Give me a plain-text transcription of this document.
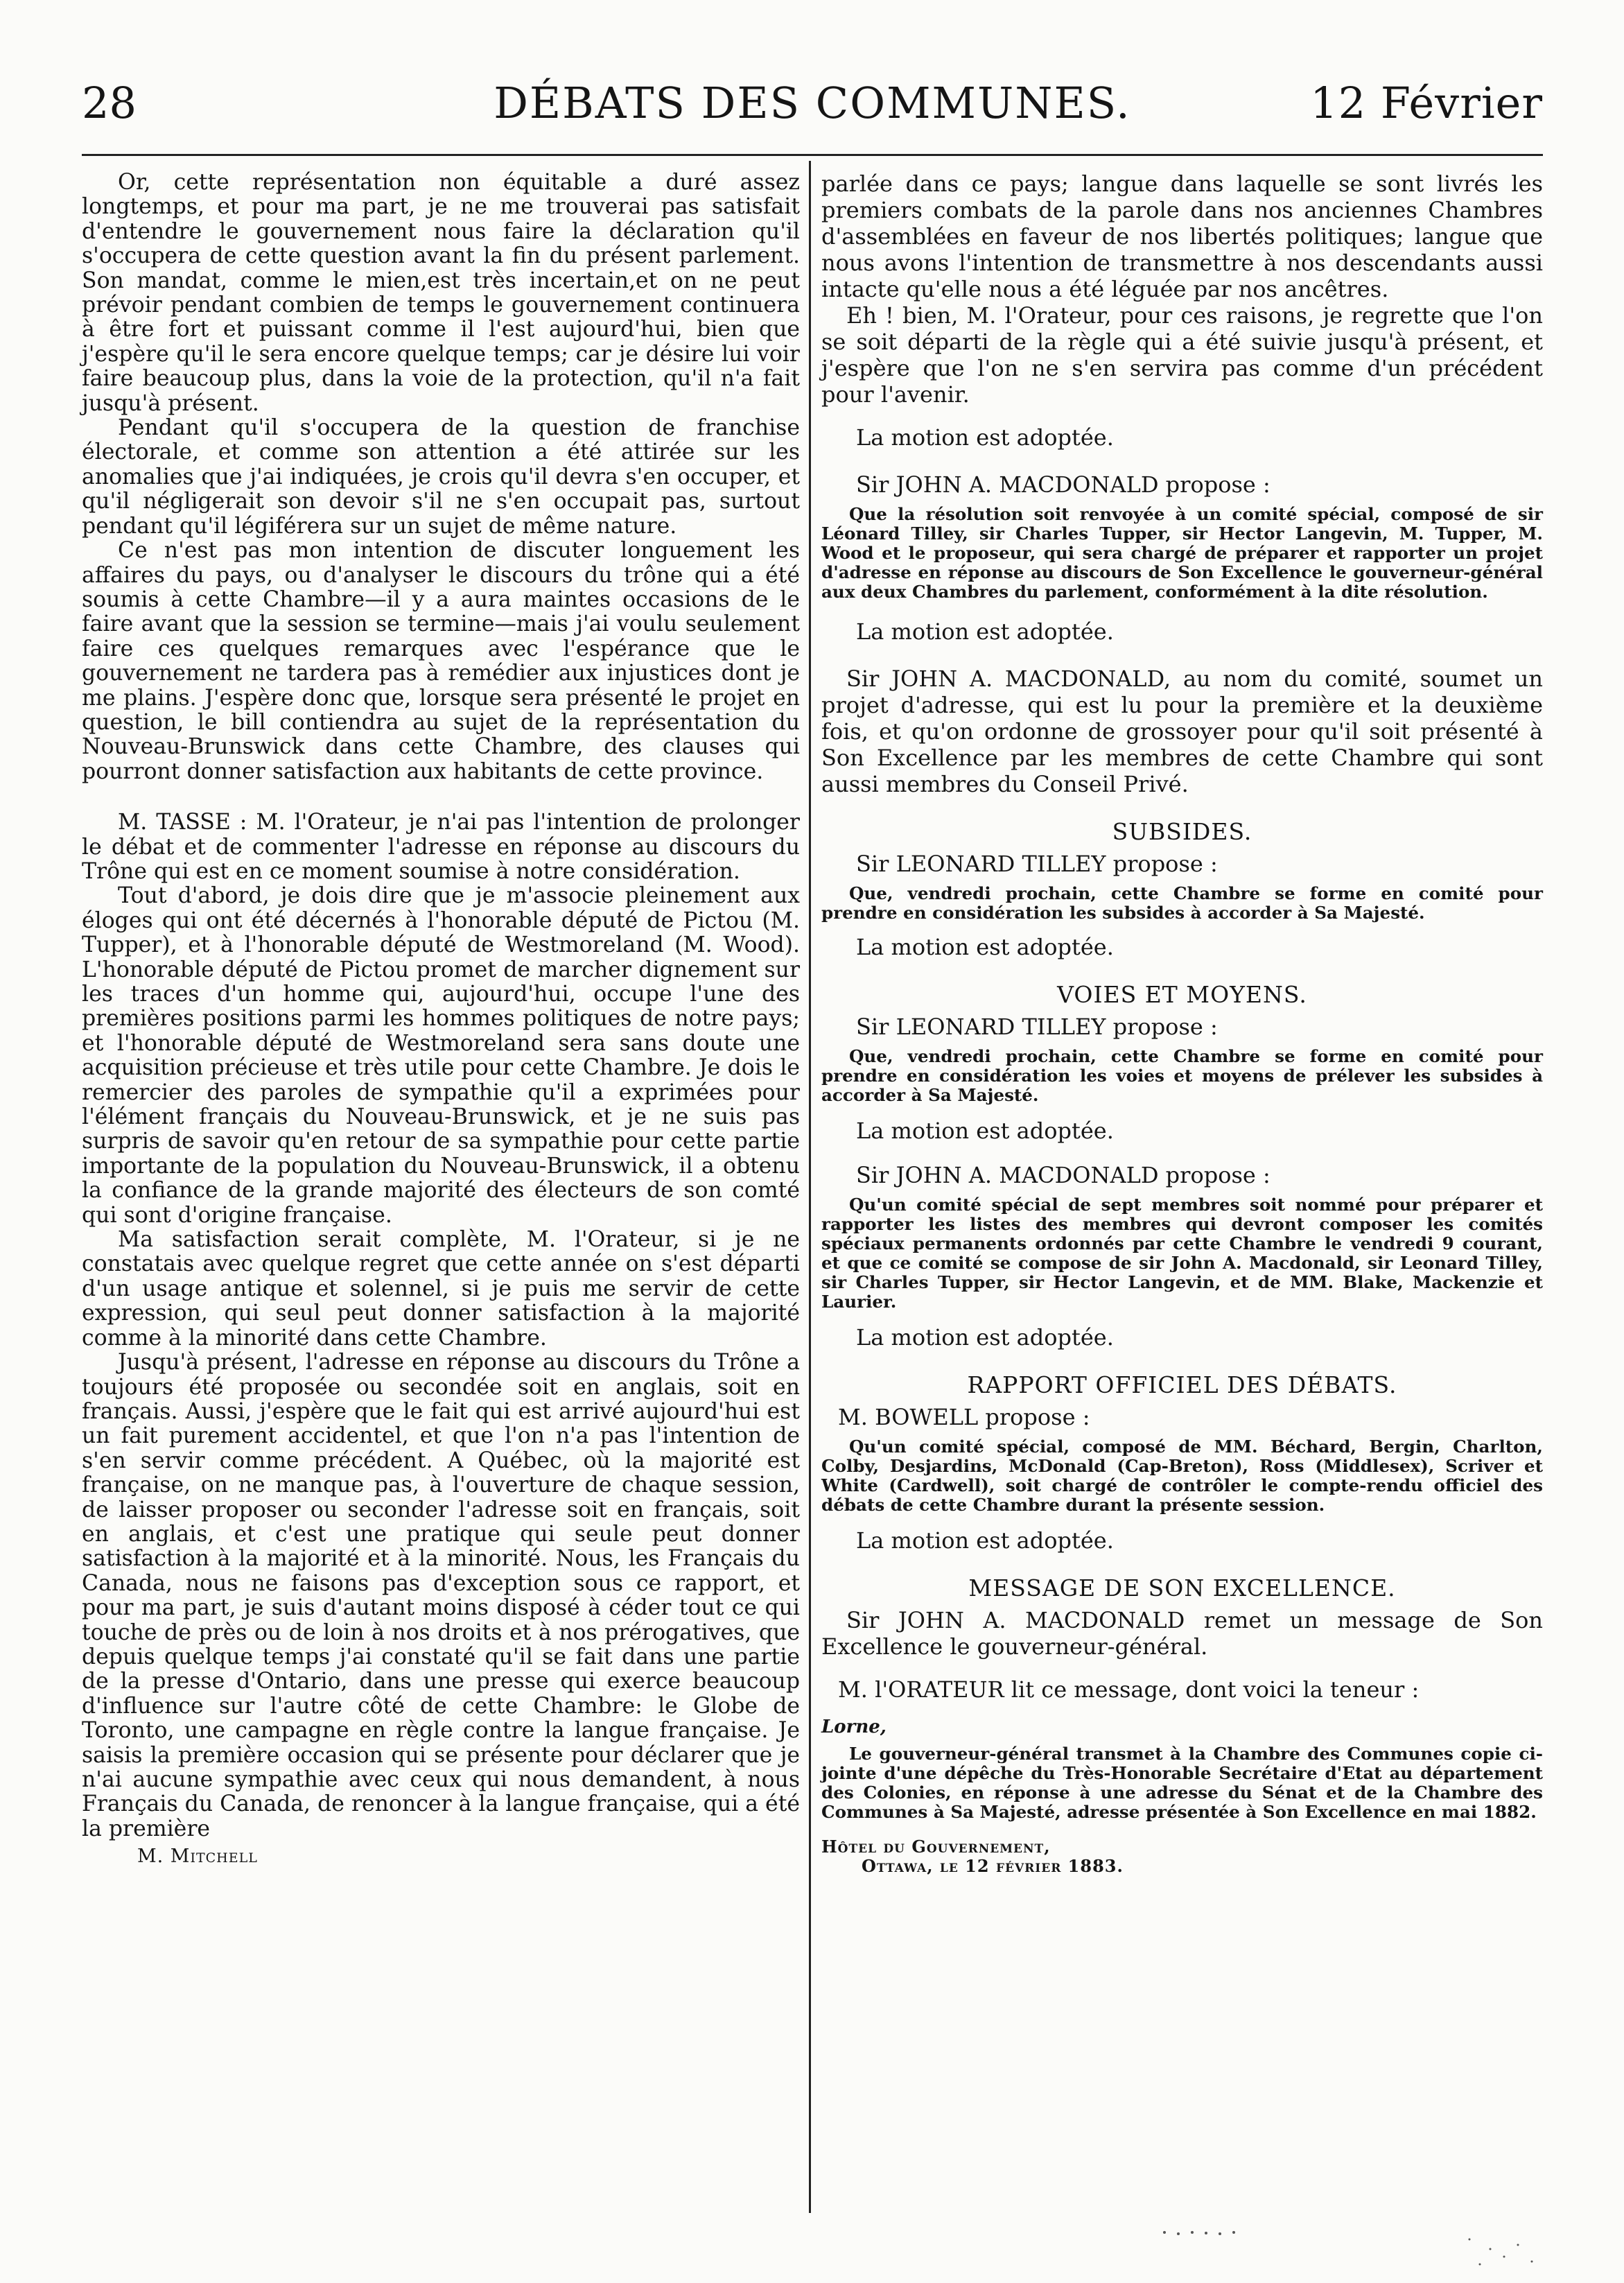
28	DÉBATS DES COMMUNES.	12 Février

Or, cette représentation non équitable a duré assez longtemps, et pour ma part, je ne me trouverai pas satisfait d'entendre le gouvernement nous faire la déclaration qu'il s'occupera de cette question avant la fin du présent parlement. Son mandat, comme le mien,est très incertain,et on ne peut prévoir pendant combien de temps le gouvernement continuera à être fort et puissant comme il l'est aujourd'hui, bien que j'espère qu'il le sera encore quelque temps; car je désire lui voir faire beaucoup plus, dans la voie de la protection, qu'il n'a fait jusqu'à présent.

Pendant qu'il s'occupera de la question de franchise électorale, et comme son attention a été attirée sur les anomalies que j'ai indiquées, je crois qu'il devra s'en occuper, et qu'il négligerait son devoir s'il ne s'en occupait pas, surtout pendant qu'il légiférera sur un sujet de même nature.

Ce n'est pas mon intention de discuter longuement les affaires du pays, ou d'analyser le discours du trône qui a été soumis à cette Chambre—il y a aura maintes occasions de le faire avant que la session se termine—mais j'ai voulu seulement faire ces quelques remarques avec l'espérance que le gouvernement ne tardera pas à remédier aux injustices dont je me plains. J'espère donc que, lorsque sera présenté le projet en question, le bill contiendra au sujet de la représentation du Nouveau-Brunswick dans cette Chambre, des clauses qui pourront donner satisfaction aux habitants de cette province.

M. TASSE : M. l'Orateur, je n'ai pas l'intention de prolonger le débat et de commenter l'adresse en réponse au discours du Trône qui est en ce moment soumise à notre considération.

Tout d'abord, je dois dire que je m'associe pleinement aux éloges qui ont été décernés à l'honorable député de Pictou (M. Tupper), et à l'honorable député de Westmoreland (M. Wood). L'honorable député de Pictou promet de marcher dignement sur les traces d'un homme qui, aujourd'hui, occupe l'une des premières positions parmi les hommes politiques de notre pays; et l'honorable député de Westmoreland sera sans doute une acquisition précieuse et très utile pour cette Chambre. Je dois le remercier des paroles de sympathie qu'il a exprimées pour l'élément français du Nouveau-Brunswick, et je ne suis pas surpris de savoir qu'en retour de sa sympathie pour cette partie importante de la population du Nouveau-Brunswick, il a obtenu la confiance de la grande majorité des électeurs de son comté qui sont d'origine française.

Ma satisfaction serait complète, M. l'Orateur, si je ne constatais avec quelque regret que cette année on s'est départi d'un usage antique et solennel, si je puis me servir de cette expression, qui seul peut donner satisfaction à la majorité comme à la minorité dans cette Chambre.

Jusqu'à présent, l'adresse en réponse au discours du Trône a toujours été proposée ou secondée soit en anglais, soit en français. Aussi, j'espère que le fait qui est arrivé aujourd'hui est un fait purement accidentel, et que l'on n'a pas l'intention de s'en servir comme précédent. A Québec, où la majorité est française, on ne manque pas, à l'ouverture de chaque session, de laisser proposer ou seconder l'adresse soit en français, soit en anglais, et c'est une pratique qui seule peut donner satisfaction à la majorité et à la minorité. Nous, les Français du Canada, nous ne faisons pas d'exception sous ce rapport, et pour ma part, je suis d'autant moins disposé à céder tout ce qui touche de près ou de loin à nos droits et à nos prérogatives, que depuis quelque temps j'ai constaté qu'il se fait dans une partie de la presse d'Ontario, dans une presse qui exerce beaucoup d'influence sur l'autre côté de cette Chambre: le Globe de Toronto, une campagne en règle contre la langue française. Je saisis la première occasion qui se présente pour déclarer que je n'ai aucune sympathie avec ceux qui nous demandent, à nous Français du Canada, de renoncer à la langue française, qui a été la première

M. Mitchell

parlée dans ce pays; langue dans laquelle se sont livrés les premiers combats de la parole dans nos anciennes Chambres d'assemblées en faveur de nos libertés politiques; langue que nous avons l'intention de transmettre à nos descendants aussi intacte qu'elle nous a été léguée par nos ancêtres.

Eh ! bien, M. l'Orateur, pour ces raisons, je regrette que l'on se soit départi de la règle qui a été suivie jusqu'à présent, et j'espère que l'on ne s'en servira pas comme d'un précédent pour l'avenir.

La motion est adoptée.

Sir JOHN A. MACDONALD propose :

Que la résolution soit renvoyée à un comité spécial, composé de sir Léonard Tilley, sir Charles Tupper, sir Hector Langevin, M. Tupper, M. Wood et le proposeur, qui sera chargé de préparer et rapporter un projet d'adresse en réponse au discours de Son Excellence le gouverneur-général aux deux Chambres du parlement, conformément à la dite résolution.

La motion est adoptée.

Sir JOHN A. MACDONALD, au nom du comité, soumet un projet d'adresse, qui est lu pour la première et la deuxième fois, et qu'on ordonne de grossoyer pour qu'il soit présenté à Son Excellence par les membres de cette Chambre qui sont aussi membres du Conseil Privé.

SUBSIDES.

Sir LEONARD TILLEY propose :

Que, vendredi prochain, cette Chambre se forme en comité pour prendre en considération les subsides à accorder à Sa Majesté.

La motion est adoptée.
VOIES ET MOYENS.

Sir LEONARD TILLEY propose :

Que, vendredi prochain, cette Chambre se forme en comité pour prendre en considération les voies et moyens de prélever les subsides à accorder à Sa Majesté.

La motion est adoptée.

Sir JOHN A. MACDONALD propose :

Qu'un comité spécial de sept membres soit nommé pour préparer et rapporter les listes des membres qui devront composer les comités spéciaux permanents ordonnés par cette Chambre le vendredi 9 courant, et que ce comité se compose de sir John A. Macdonald, sir Leonard Tilley, sir Charles Tupper, sir Hector Langevin, et de MM. Blake, Mackenzie et Laurier.

La motion est adoptée.
RAPPORT OFFICIEL DES DÉBATS.

M. BOWELL propose :

Qu'un comité spécial, composé de MM. Béchard, Bergin, Charlton, Colby, Desjardins, McDonald (Cap-Breton), Ross (Middlesex), Scriver et White (Cardwell), soit chargé de contrôler le compte-rendu officiel des débats de cette Chambre durant la présente session.

La motion est adoptée.
MESSAGE DE SON EXCELLENCE.

Sir JOHN A. MACDONALD remet un message de Son Excellence le gouverneur-général.

M. l'ORATEUR lit ce message, dont voici la teneur :

Lorne,

Le gouverneur-général transmet à la Chambre des Communes copie ci-jointe d'une dépêche du Très-Honorable Secrétaire d'Etat au département des Colonies, en réponse à une adresse du Sénat et de la Chambre des Communes à Sa Majesté, adresse présentée à Son Excellence en mai 1882.

Hôtel du Gouvernement,
Ottawa, le 12 février 1883.
